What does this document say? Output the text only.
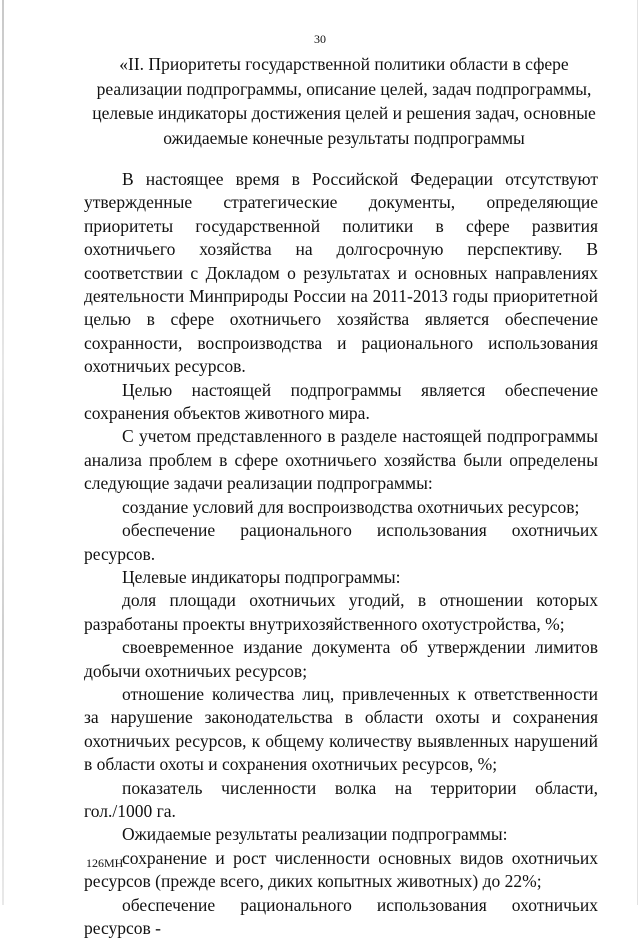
30
«II. Приоритеты государственной политики области в сфере реализации подпрограммы, описание целей, задач подпрограммы, целевые индикаторы достижения целей и решения задач, основные ожидаемые конечные результаты подпрограммы

В настоящее время в Российской Федерации отсутствуют утвержденные стратегические документы, определяющие приоритеты государственной политики в сфере развития охотничьего хозяйства на долгосрочную перспективу. В соответствии с Докладом о результатах и основных направлениях деятельности Минприроды России на 2011-2013 годы приоритетной целью в сфере охотничьего хозяйства является обеспечение сохранности, воспроизводства и рационального использования охотничьих ресурсов.

Целью настоящей подпрограммы является обеспечение сохранения объектов животного мира.

С учетом представленного в разделе настоящей подпрограммы анализа проблем в сфере охотничьего хозяйства были определены следующие задачи реализации подпрограммы:

создание условий для воспроизводства охотничьих ресурсов;

обеспечение рационального использования охотничьих ресурсов.

Целевые индикаторы подпрограммы:

доля площади охотничьих угодий, в отношении которых разработаны проекты внутрихозяйственного охотустройства, %;

своевременное издание документа об утверждении лимитов добычи охотничьих ресурсов;

отношение количества лиц, привлеченных к ответственности за нарушение законодательства в области охоты и сохранения охотничьих ресурсов, к общему количеству выявленных нарушений в области охоты и сохранения охотничьих ресурсов, %;

показатель численности волка на территории области, гол./1000 га.

Ожидаемые результаты реализации подпрограммы:

сохранение и рост численности основных видов охотничьих ресурсов (прежде всего, диких копытных животных) до 22%;

обеспечение рационального использования охотничьих ресурсов -

126МН
